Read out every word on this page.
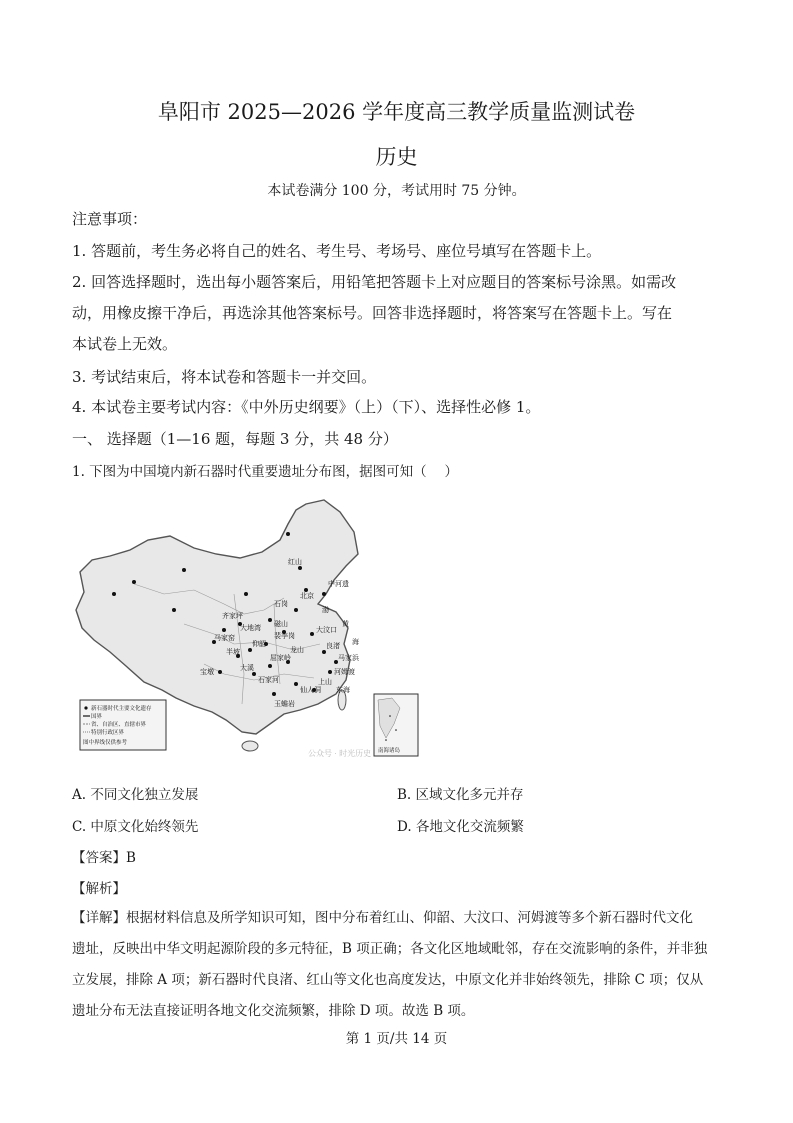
阜阳市 2025—2026 学年度高三教学质量监测试卷
历史
本试卷满分 100 分，考试用时 75 分钟。
注意事项：
1. 答题前，考生务必将自己的姓名、考生号、考场号、座位号填写在答题卡上。
2. 回答选择题时，选出每小题答案后，用铅笔把答题卡上对应题目的答案标号涂黑。如需改
动，用橡皮擦干净后，再选涂其他答案标号。回答非选择题时，将答案写在答题卡上。写在
本试卷上无效。
3. 考试结束后，将本试卷和答题卡一并交回。
4. 本试卷主要考试内容：《中外历史纲要》（上）（下）、选择性必修 1。
一、 选择题（1—16 题，每题 3 分，共 48 分）
1. 下图为中国境内新石器时代重要遗址分布图，据图可知（　 ）
红山
北京
中河遗
石岗
齐家坪
大地湾
马家窑
磁山
裴李岗
大汶口
仰韶
半坡	龙山
良渚
马家浜
河姆渡
屈家岭
大溪
石家河
宝墩
仙人洞
玉蟾岩
上山
海
东海
黄
渤
新石器时代主要文化遗存
国界
省、自治区、直辖市界
特别行政区界
图中界线仅供参考
南海诸岛
公众号 · 时光历史
A. 不同文化独立发展	B. 区域文化多元并存
C. 中原文化始终领先	D. 各地文化交流频繁
【答案】B
【解析】
【详解】根据材料信息及所学知识可知，图中分布着红山、仰韶、大汶口、河姆渡等多个新石器时代文化
遗址，反映出中华文明起源阶段的多元特征，B 项正确；各文化区地域毗邻，存在交流影响的条件，并非独
立发展，排除 A 项；新石器时代良渚、红山等文化也高度发达，中原文化并非始终领先，排除 C 项；仅从
遗址分布无法直接证明各地文化交流频繁，排除 D 项。故选 B 项。
第 1 页/共 14 页
